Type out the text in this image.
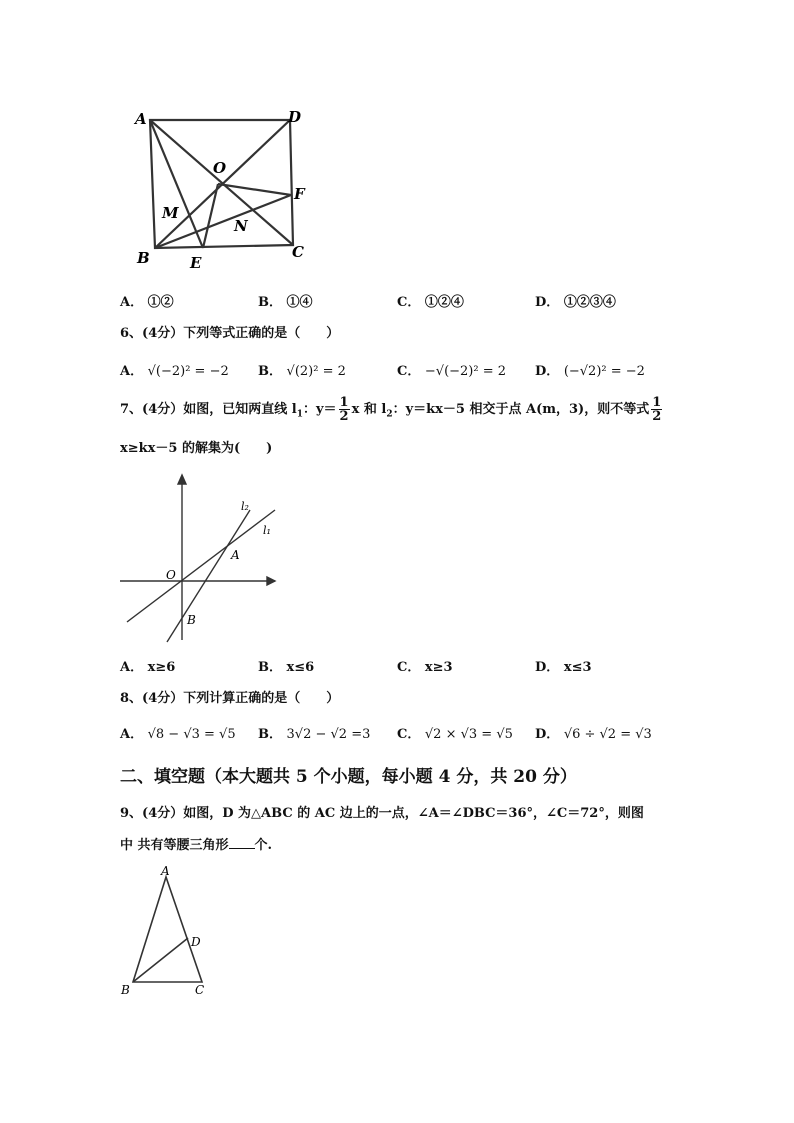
A	D
O
F
M
N
B	E
C
A． ①②	B． ①④	C． ①②④	D． ①②③④
6、(4分）下列等式正确的是（　　）
A． √(−2)² = −2 B． √(2)² = 2	C． −√(−2)² = 2 D． (−√2)² = −2
7、(4分）如图，已知两直线 $l_1$：$y= \frac{1}{2}$ x 和 $l_2$：y＝kx－5 相交于点 A(m，3)，则不等式 $\frac{1}{2}$
x≥kx－5 的解集为(　　)
l₂
l₁
A
O
B
A． x≥6	B． x≤6	C． x≥3	D． x≤3
8、(4分）下列计算正确的是（　　）
A． √8 − √3 = √5 B． 3√2 − √2 =3 C． √2 × √3 = √5 D． √6 ÷ √2 = √3
二、填空题（本大题共 5 个小题，每小题 4 分，共 20 分）
9、(4分）如图，D 为△ABC 的 AC 边上的一点，∠A＝∠DBC＝36°，∠C＝72°，则图
中 共有等腰三角形 个.
A
D
B	C
